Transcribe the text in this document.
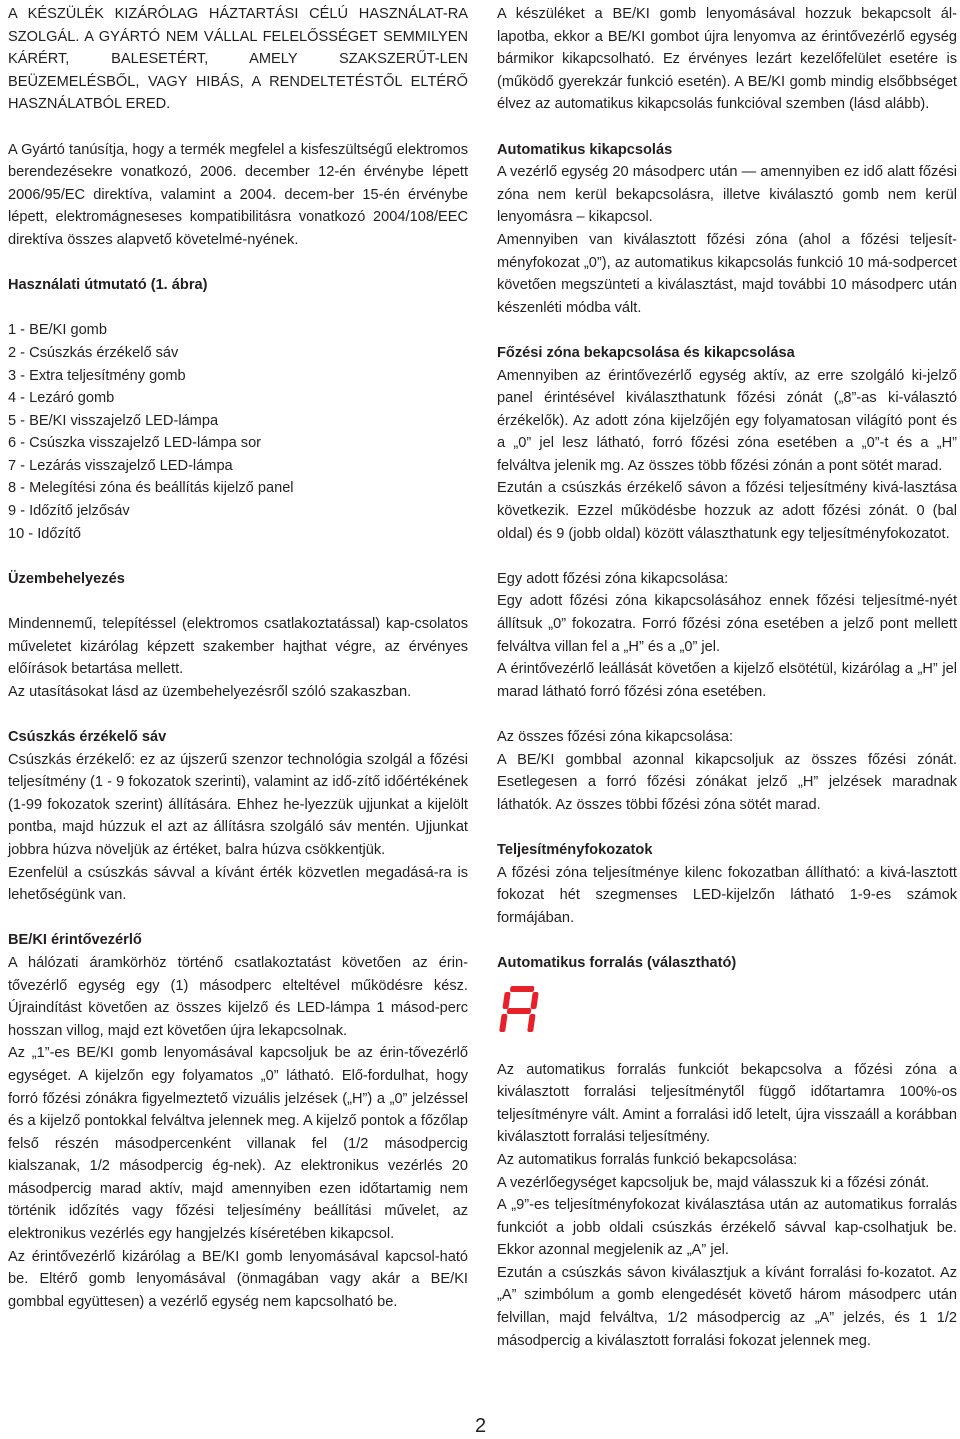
A KÉSZÜLÉK KIZÁRÓLAG HÁZTARTÁSI CÉLÚ HASZNÁLAT-RA SZOLGÁL. A GYÁRTÓ NEM VÁLLAL FELELŐSSÉGET SEMMILYEN KÁRÉRT, BALESETÉRT, AMELY SZAKSZERŰT-LEN BEÜZEMELÉSBŐL, VAGY HIBÁS, A RENDELTETÉSTŐL ELTÉRŐ HASZNÁLATBÓL ERED.

A Gyártó tanúsítja, hogy a termék megfelel a kisfeszültségű elektromos berendezésekre vonatkozó, 2006. december 12-én érvénybe lépett 2006/95/EC direktíva, valamint a 2004. decem-ber 15-én érvénybe lépett, elektromágneseses kompatibilitásra vonatkozó 2004/108/EEC direktíva összes alapvető követelmé-nyének.

Használati útmutató (1. ábra)
1 - BE/KI gomb
2 - Csúszkás érzékelő sáv
3 - Extra teljesítmény gomb
4 - Lezáró gomb
5 - BE/KI visszajelző LED-lámpa
6 - Csúszka visszajelző LED-lámpa sor
7 - Lezárás visszajelző LED-lámpa
8 - Melegítési zóna és beállítás kijelző panel
9 - Időzítő jelzősáv
10 - Időzítő
Üzembehelyezés

Mindennemű, telepítéssel (elektromos csatlakoztatással) kap-csolatos műveletet kizárólag képzett szakember hajthat végre, az érvényes előírások betartása mellett.

Az utasításokat lásd az üzembehelyezésről szóló szakaszban.

Csúszkás érzékelő sáv

Csúszkás érzékelő: ez az újszerű szenzor technológia szolgál a főzési teljesítmény (1 - 9 fokozatok szerinti), valamint az idő-zítő időértékének (1-99 fokozatok szerint) állítására. Ehhez he-lyezzük ujjunkat a kijelölt pontba, majd húzzuk el azt az állításra szolgáló sáv mentén. Ujjunkat jobbra húzva növeljük az értéket, balra húzva csökkentjük.

Ezenfelül a csúszkás sávval a kívánt érték közvetlen megadásá-ra is lehetőségünk van.

BE/KI érintővezérlő

A hálózati áramkörhöz történő csatlakoztatást követően az érin-tővezérlő egység egy (1) másodperc elteltével működésre kész. Újraindítást követően az összes kijelző és LED-lámpa 1 másod-perc hosszan villog, majd ezt követően újra lekapcsolnak.

Az „1”-es BE/KI gomb lenyomásával kapcsoljuk be az érin-tővezérlő egységet. A kijelzőn egy folyamatos „0” látható. Elő-fordulhat, hogy forró főzési zónákra figyelmeztető vizuális jelzések („H”) a „0” jelzéssel és a kijelző pontokkal felváltva jelennek meg. A kijelző pontok a főzőlap felső részén másodpercenként villanak fel (1/2 másodpercig kialszanak, 1/2 másodpercig ég-nek). Az elektronikus vezérlés 20 másodpercig marad aktív, majd amennyiben ezen időtartamig nem történik időzítés vagy főzési teljesímény beállítási művelet, az elektronikus vezérlés egy hangjelzés kíséretében kikapcsol.

Az érintővezérlő kizárólag a BE/KI gomb lenyomásával kapcsol-ható be. Eltérő gomb lenyomásával (önmagában vagy akár a BE/KI gombbal együttesen) a vezérlő egység nem kapcsolható be.

A készüléket a BE/KI gomb lenyomásával hozzuk bekapcsolt ál-lapotba, ekkor a BE/KI gombot újra lenyomva az érintővezérlő egység bármikor kikapcsolható. Ez érvényes lezárt kezelőfelület esetére is (működő gyerekzár funkció esetén). A BE/KI gomb mindig elsőbbséget élvez az automatikus kikapcsolás funkcióval szemben (lásd alább).

Automatikus kikapcsolás

A vezérlő egység 20 másodperc után — amennyiben ez idő alatt főzési zóna nem kerül bekapcsolásra, illetve kiválasztó gomb nem kerül lenyomásra – kikapcsol.

Amennyiben van kiválasztott főzési zóna (ahol a főzési teljesít-ményfokozat „0”), az automatikus kikapcsolás funkció 10 má-sodpercet követően megszünteti a kiválasztást, majd további 10 másodperc után készenléti módba vált.

Főzési zóna bekapcsolása és kikapcsolása

Amennyiben az érintővezérlő egység aktív, az erre szolgáló ki-jelző panel érintésével kiválaszthatunk főzési zónát („8”-as ki-választó érzékelők). Az adott zóna kijelzőjén egy folyamatosan világító pont és a „0” jel lesz látható, forró főzési zóna esetében a „0”-t és a „H” felváltva jelenik mg. Az összes több főzési zónán a pont sötét marad.

Ezután a csúszkás érzékelő sávon a főzési teljesítmény kivá-lasztása következik. Ezzel működésbe hozzuk az adott főzési zónát. 0 (bal oldal) és 9 (jobb oldal) között választhatunk egy teljesítményfokozatot.

Egy adott főzési zóna kikapcsolása:

Egy adott főzési zóna kikapcsolásához ennek főzési teljesítmé-nyét állítsuk „0” fokozatra. Forró főzési zóna esetében a jelző pont mellett felváltva villan fel a „H” és a „0” jel.

A érintővezérlő leállását követően a kijelző elsötétül, kizárólag a „H” jel marad látható forró főzési zóna esetében.

Az összes főzési zóna kikapcsolása:

A BE/KI gombbal azonnal kikapcsoljuk az összes főzési zónát. Esetlegesen a forró főzési zónákat jelző „H” jelzések maradnak láthatók. Az összes többi főzési zóna sötét marad.

Teljesítményfokozatok

A főzési zóna teljesítménye kilenc fokozatban állítható: a kivá-lasztott fokozat hét szegmenses LED-kijelzőn látható 1-9-es számok formájában.

Automatikus forralás (választható)

Az automatikus forralás funkciót bekapcsolva a főzési zóna a kiválasztott forralási teljesítménytől függő időtartamra 100%-os teljesítményre vált. Amint a forralási idő letelt, újra visszaáll a korábban kiválasztott forralási teljesítmény.

Az automatikus forralás funkció bekapcsolása:

A vezérlőegységet kapcsoljuk be, majd válasszuk ki a főzési zónát.

A „9”-es teljesítményfokozat kiválasztása után az automatikus forralás funkciót a jobb oldali csúszkás érzékelő sávval kap-csolhatjuk be. Ekkor azonnal megjelenik az „A” jel.

Ezután a csúszkás sávon kiválasztjuk a kívánt forralási fo-kozatot. Az „A” szimbólum a gomb elengedését követő három másodperc után felvillan, majd felváltva, 1/2 másodpercig az „A” jelzés, és 1 1/2 másodpercig a kiválasztott forralási fokozat jelennek meg.

2
